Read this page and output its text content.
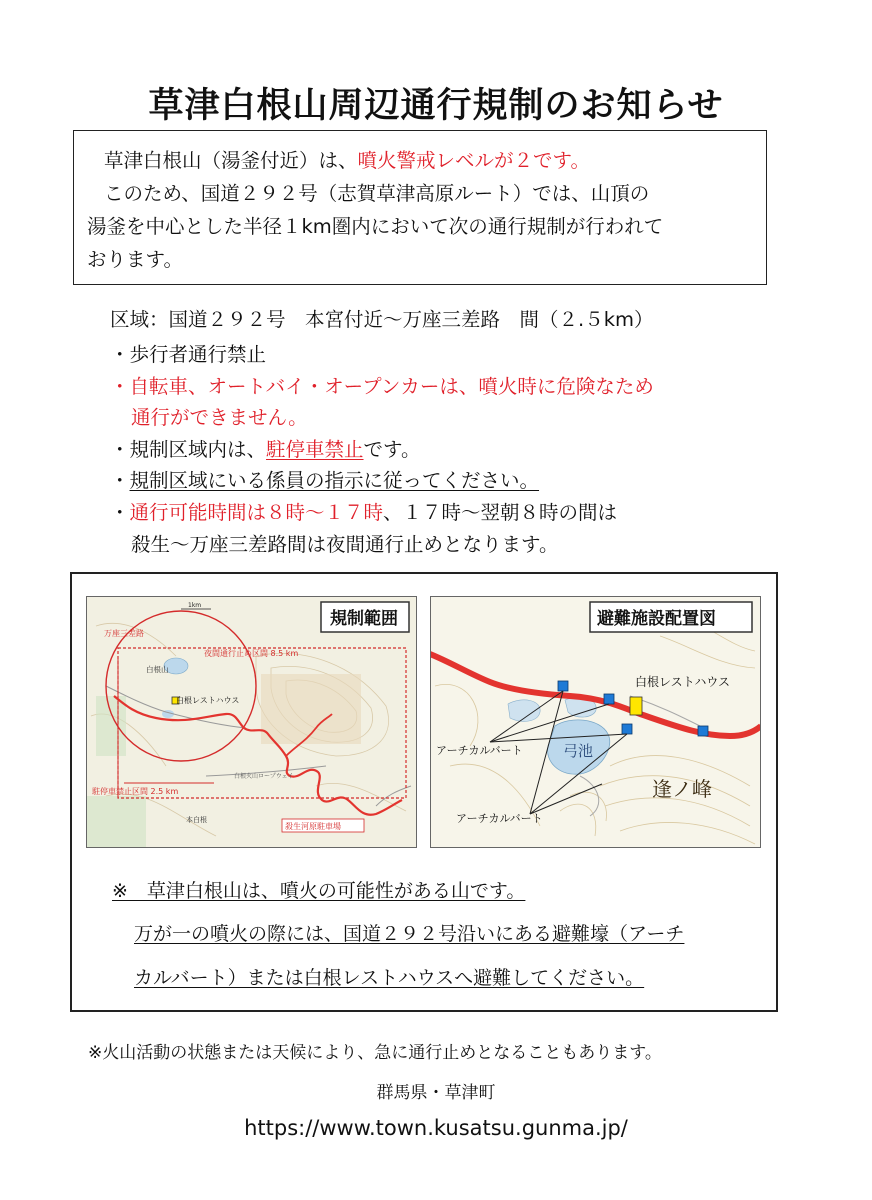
草津白根山周辺通行規制のお知らせ
草津白根山（湯釜付近）は、噴火警戒レベルが２です。
このため、国道２９２号（志賀草津高原ルート）では、山頂の
湯釜を中心とした半径１km圏内において次の通行規制が行われて
おります。
区域：国道２９２号　本宮付近～万座三差路　間（２.５km）
・歩行者通行禁止
・自転車、オートバイ・オープンカーは、噴火時に危険なため
通行ができません。
・規制区域内は、駐停車禁止です。
・規制区域にいる係員の指示に従ってください。
・通行可能時間は８時～１７時、１７時～翌朝８時の間は
殺生～万座三差路間は夜間通行止めとなります。
1km
万座三差路
夜間通行止め区間 8.5 km
白根レストハウス
白根山
駐停車禁止区間 2.5 km
白根火山ロープウェイ
本白根
殺生河原駐車場
規制範囲
白根レストハウス
アーチカルバート
アーチカルバート
弓池
逢ノ峰
避難施設配置図
※　草津白根山は、噴火の可能性がある山です。
万が一の噴火の際には、国道２９２号沿いにある避難壕（アーチ
カルバート）または白根レストハウスへ避難してください。
※火山活動の状態または天候により、急に通行止めとなることもあります。
群馬県・草津町
https://www.town.kusatsu.gunma.jp/
